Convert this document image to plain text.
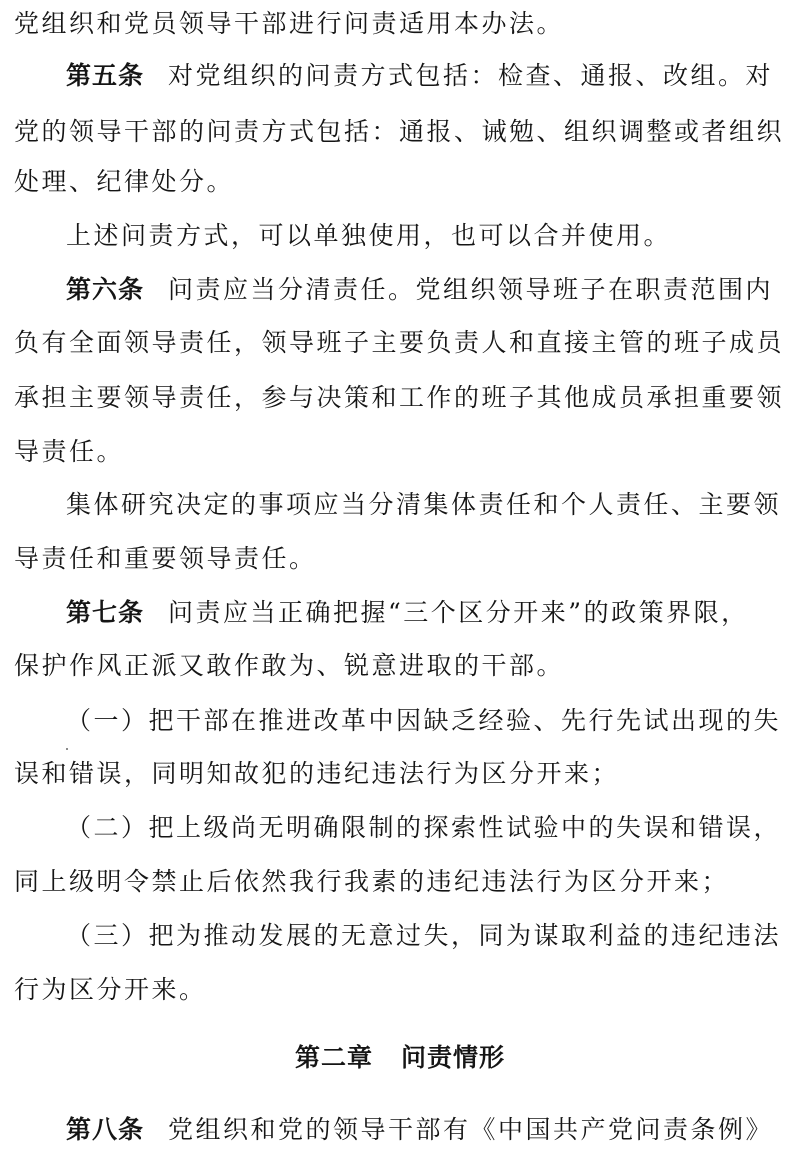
党组织和党员领导干部进行问责适用本办法。
第五条 对党组织的问责方式包括：检查、通报、改组。对
党的领导干部的问责方式包括：通报、诫勉、组织调整或者组织
处理、纪律处分。
上述问责方式，可以单独使用，也可以合并使用。
第六条 问责应当分清责任。党组织领导班子在职责范围内
负有全面领导责任，领导班子主要负责人和直接主管的班子成员
承担主要领导责任，参与决策和工作的班子其他成员承担重要领
导责任。
集体研究决定的事项应当分清集体责任和个人责任、主要领
导责任和重要领导责任。
第七条 问责应当正确把握“三个区分开来”的政策界限，
保护作风正派又敢作敢为、锐意进取的干部。
（一）把干部在推进改革中因缺乏经验、先行先试出现的失
误和错误，同明知故犯的违纪违法行为区分开来；
（二）把上级尚无明确限制的探索性试验中的失误和错误，
同上级明令禁止后依然我行我素的违纪违法行为区分开来；
（三）把为推动发展的无意过失，同为谋取利益的违纪违法
行为区分开来。
第二章 问责情形
第八条 党组织和党的领导干部有《中国共产党问责条例》
